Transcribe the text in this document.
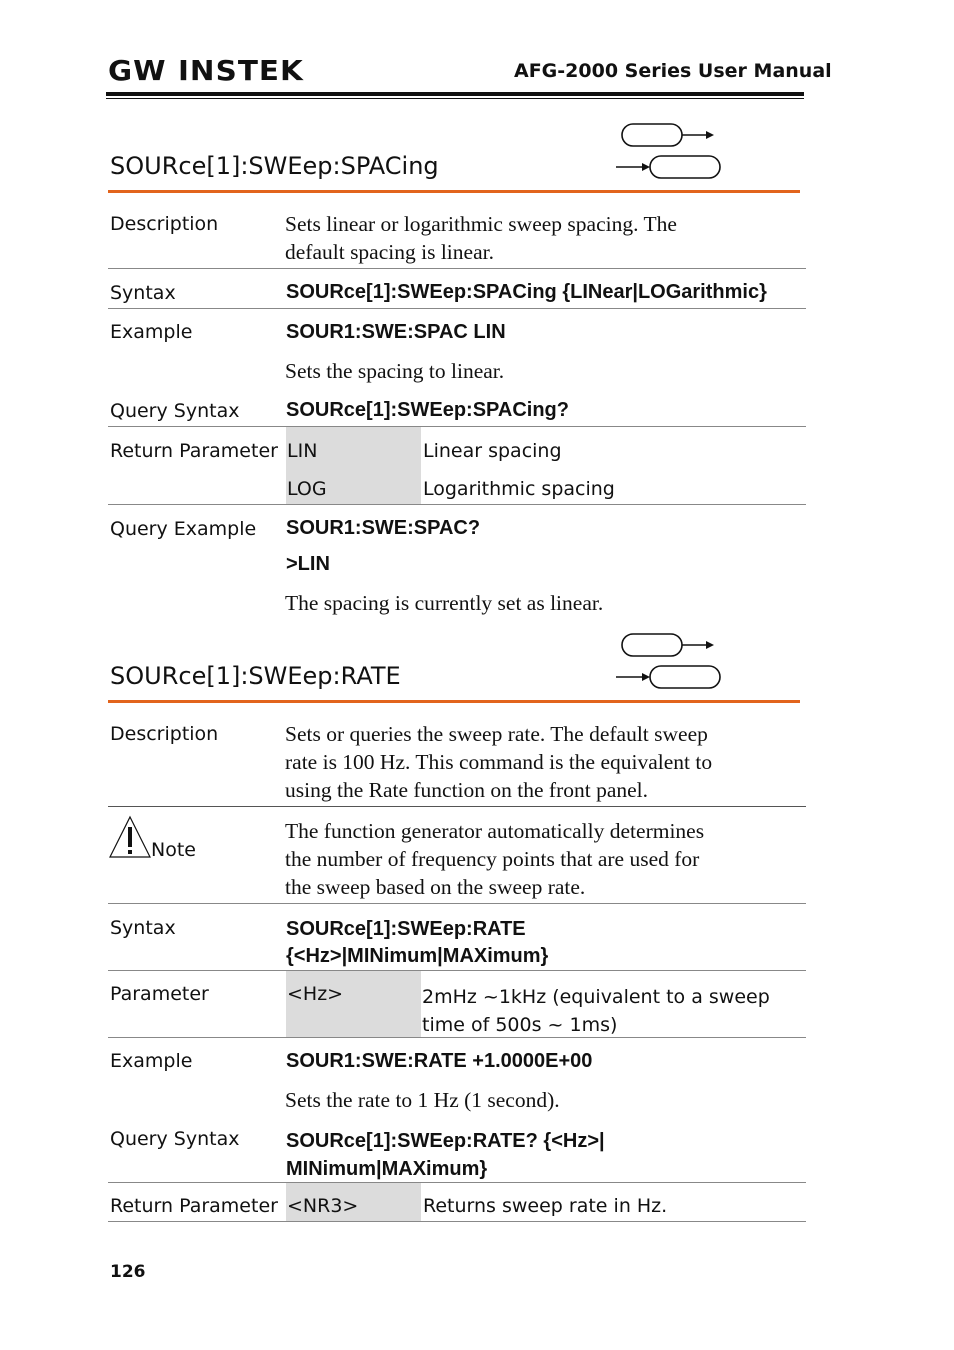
GW INSTEK	AFG-2000 Series User Manual
SOURce[1]:SWEep:SPACing
Description	Sets linear or logarithmic sweep spacing. The
default spacing is linear.
Syntax	SOURce[1]:SWEep:SPACing {LINear|LOGarithmic}
Example	SOUR1:SWE:SPAC LIN
Sets the spacing to linear.
Query Syntax SOURce[1]:SWEep:SPACing?
Return Parameter LIN	Linear spacing
LOG	Logarithmic spacing
Query Example SOUR1:SWE:SPAC?
>LIN
The spacing is currently set as linear.
SOURce[1]:SWEep:RATE
Description	Sets or queries the sweep rate. The default sweep
rate is 100 Hz. This command is the equivalent to
using the Rate function on the front panel.
Note
The function generator automatically determines
the number of frequency points that are used for
the sweep based on the sweep rate.
Syntax	SOURce[1]:SWEep:RATE
{<Hz>|MINimum|MAXimum}
Parameter	<Hz>	2mHz ~1kHz (equivalent to a sweep
time of 500s ~ 1ms)
Example	SOUR1:SWE:RATE +1.0000E+00
Sets the rate to 1 Hz (1 second).
Query Syntax SOURce[1]:SWEep:RATE? {<Hz>|
MINimum|MAXimum}
Return Parameter <NR3>	Returns sweep rate in Hz.
126
